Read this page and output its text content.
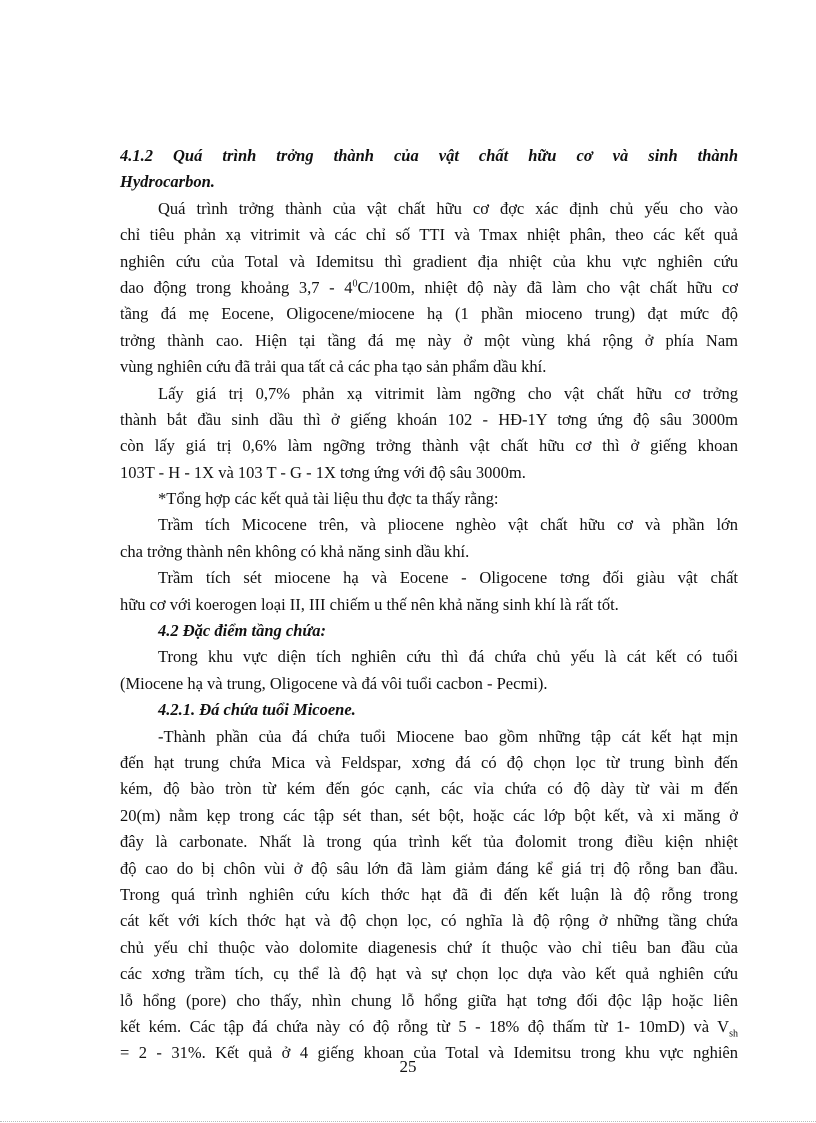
4.1.2 Quá trình trởng thành của vật chất hữu cơ và sinh thành
Hydrocarbon.
Quá trình trởng thành của vật chất hữu cơ đợc xác định chủ yếu cho vào
chỉ tiêu phản xạ vitrimit và các chỉ số TTI và Tmax nhiệt phân, theo các kết quả
nghiên cứu của Total và Idemitsu thì gradient địa nhiệt của khu vực nghiên cứu
dao động trong khoảng $3,7 - 4^0C/100m$, nhiệt độ này đã làm cho vật chất hữu cơ
tầng đá mẹ Eocene, Oligocene/miocene hạ (1 phần mioceno trung) đạt mức độ
trởng thành cao. Hiện tại tầng đá mẹ này ở một vùng khá rộng ở phía Nam
vùng nghiên cứu đã trải qua tất cả các pha tạo sản phẩm dầu khí.
Lấy giá trị 0,7% phản xạ vitrimit làm ngỡng cho vật chất hữu cơ trởng
thành bắt đầu sinh dầu thì ở giếng khoán 102 - HĐ-1Y tơng ứng độ sâu 3000m
còn lấy giá trị 0,6% làm ngỡng trởng thành vật chất hữu cơ thì ở giếng khoan
103T - H - 1X và 103 T - G - 1X tơng ứng với độ sâu 3000m.
*Tổng hợp các kết quả tài liệu thu đợc ta thấy rằng:
Trầm tích Micocene trên, và pliocene nghèo vật chất hữu cơ và phần lớn
cha trởng thành nên không có khả năng sinh dầu khí.
Trầm tích sét miocene hạ và Eocene - Oligocene tơng đối giàu vật chất
hữu cơ với koerogen loại II, III chiếm u thế nên khả năng sinh khí là rất tốt.
4.2 Đặc điểm tầng chứa:
Trong khu vực diện tích nghiên cứu thì đá chứa chủ yếu là cát kết có tuổi
(Miocene hạ và trung, Oligocene và đá vôi tuổi cacbon - Pecmi).
4.2.1. Đá chứa tuổi Micoene.
-Thành phần của đá chứa tuổi Miocene bao gồm những tập cát kết hạt mịn
đến hạt trung chứa Mica và Feldspar, xơng đá có độ chọn lọc từ trung bình đến
kém, độ bào tròn từ kém đến góc cạnh, các vỉa chứa có độ dày từ vài m đến
20(m) nằm kẹp trong các tập sét than, sét bột, hoặc các lớp bột kết, và xi măng ở
đây là carbonate. Nhất là trong qúa trình kết tủa đolomit trong điều kiện nhiệt
độ cao do bị chôn vùi ở độ sâu lớn đã làm giảm đáng kể giá trị độ rỗng ban đầu.
Trong quá trình nghiên cứu kích thớc hạt đã đi đến kết luận là độ rỗng trong
cát kết với kích thớc hạt và độ chọn lọc, có nghĩa là độ rộng ở những tầng chứa
chủ yếu chỉ thuộc vào dolomite diagenesis chứ ít thuộc vào chỉ tiêu ban đầu của
các xơng trầm tích, cụ thể là độ hạt và sự chọn lọc dựa vào kết quả nghiên cứu
lỗ hổng (pore) cho thấy, nhìn chung lỗ hổng giữa hạt tơng đối độc lập hoặc liên
kết kém. Các tập đá chứa này có độ rỗng từ 5 - 18% độ thấm từ 1- 10mD) và $V_{sh}$
= 2 - 31%. Kết quả ở 4 giếng khoan của Total và Idemitsu trong khu vực nghiên
25
